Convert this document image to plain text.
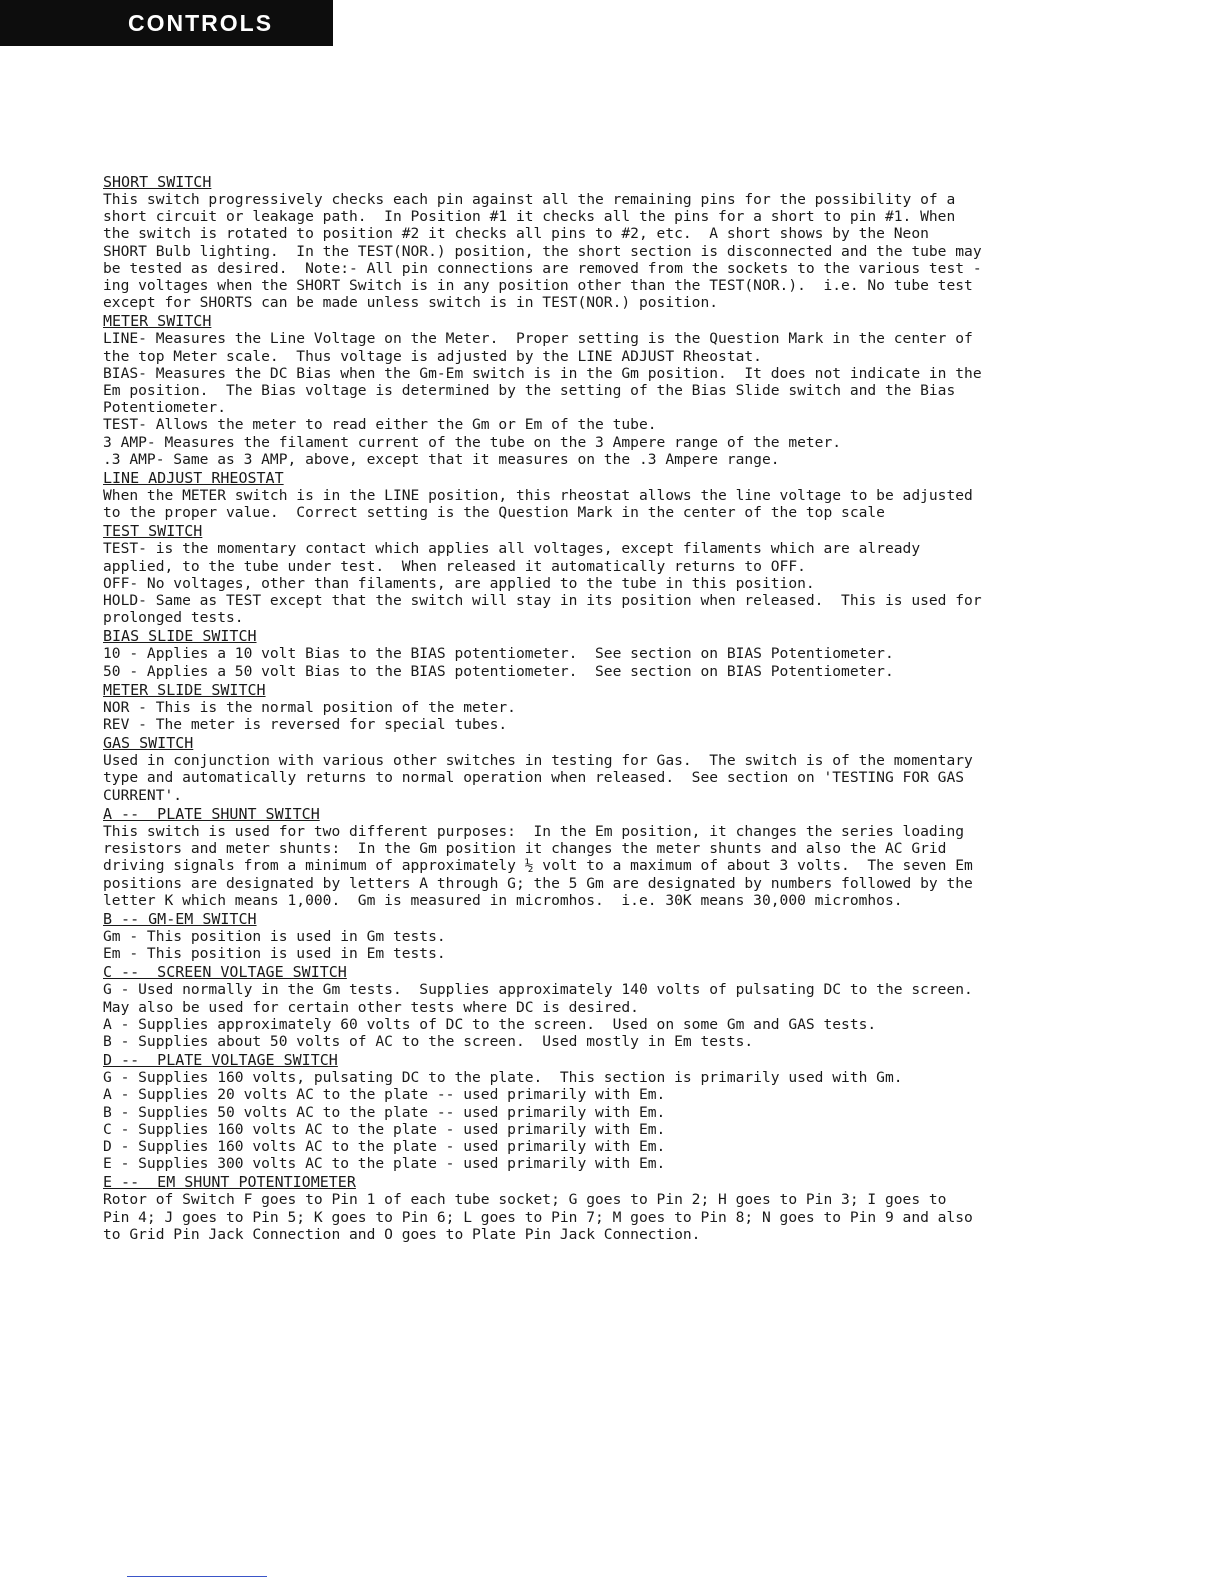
CONTROLS
SHORT SWITCH
This switch progressively checks each pin against all the remaining pins for the possibility of a
short circuit or leakage path.  In Position #1 it checks all the pins for a short to pin #1. When
the switch is rotated to position #2 it checks all pins to #2, etc.  A short shows by the Neon
SHORT Bulb lighting.  In the TEST(NOR.) position, the short section is disconnected and the tube may
be tested as desired.  Note:- All pin connections are removed from the sockets to the various test -
ing voltages when the SHORT Switch is in any position other than the TEST(NOR.).  i.e. No tube test
except for SHORTS can be made unless switch is in TEST(NOR.) position.
METER SWITCH
LINE- Measures the Line Voltage on the Meter.  Proper setting is the Question Mark in the center of
the top Meter scale.  Thus voltage is adjusted by the LINE ADJUST Rheostat.
BIAS- Measures the DC Bias when the Gm-Em switch is in the Gm position.  It does not indicate in the
Em position.  The Bias voltage is determined by the setting of the Bias Slide switch and the Bias
Potentiometer.
TEST- Allows the meter to read either the Gm or Em of the tube.
3 AMP- Measures the filament current of the tube on the 3 Ampere range of the meter.
.3 AMP- Same as 3 AMP, above, except that it measures on the .3 Ampere range.
LINE ADJUST RHEOSTAT
When the METER switch is in the LINE position, this rheostat allows the line voltage to be adjusted
to the proper value.  Correct setting is the Question Mark in the center of the top scale
TEST SWITCH
TEST- is the momentary contact which applies all voltages, except filaments which are already
applied, to the tube under test.  When released it automatically returns to OFF.
OFF- No voltages, other than filaments, are applied to the tube in this position.
HOLD- Same as TEST except that the switch will stay in its position when released.  This is used for
prolonged tests.
BIAS SLIDE SWITCH
10 - Applies a 10 volt Bias to the BIAS potentiometer.  See section on BIAS Potentiometer.
50 - Applies a 50 volt Bias to the BIAS potentiometer.  See section on BIAS Potentiometer.
METER SLIDE SWITCH
NOR - This is the normal position of the meter.
REV - The meter is reversed for special tubes.
GAS SWITCH
Used in conjunction with various other switches in testing for Gas.  The switch is of the momentary
type and automatically returns to normal operation when released.  See section on 'TESTING FOR GAS
CURRENT'.
A --  PLATE SHUNT SWITCH
This switch is used for two different purposes:  In the Em position, it changes the series loading
resistors and meter shunts:  In the Gm position it changes the meter shunts and also the AC Grid
driving signals from a minimum of approximately ½ volt to a maximum of about 3 volts.  The seven Em
positions are designated by letters A through G; the 5 Gm are designated by numbers followed by the
letter K which means 1,000.  Gm is measured in micromhos.  i.e. 30K means 30,000 micromhos.
B -- GM-EM SWITCH
Gm - This position is used in Gm tests.
Em - This position is used in Em tests.
C --  SCREEN VOLTAGE SWITCH
G - Used normally in the Gm tests.  Supplies approximately 140 volts of pulsating DC to the screen.
May also be used for certain other tests where DC is desired.
A - Supplies approximately 60 volts of DC to the screen.  Used on some Gm and GAS tests.
B - Supplies about 50 volts of AC to the screen.  Used mostly in Em tests.
D --  PLATE VOLTAGE SWITCH
G - Supplies 160 volts, pulsating DC to the plate.  This section is primarily used with Gm.
A - Supplies 20 volts AC to the plate -- used primarily with Em.
B - Supplies 50 volts AC to the plate -- used primarily with Em.
C - Supplies 160 volts AC to the plate - used primarily with Em.
D - Supplies 160 volts AC to the plate - used primarily with Em.
E - Supplies 300 volts AC to the plate - used primarily with Em.
E --  EM SHUNT POTENTIOMETER
Rotor of Switch F goes to Pin 1 of each tube socket; G goes to Pin 2; H goes to Pin 3; I goes to
Pin 4; J goes to Pin 5; K goes to Pin 6; L goes to Pin 7; M goes to Pin 8; N goes to Pin 9 and also
to Grid Pin Jack Connection and O goes to Plate Pin Jack Connection.
